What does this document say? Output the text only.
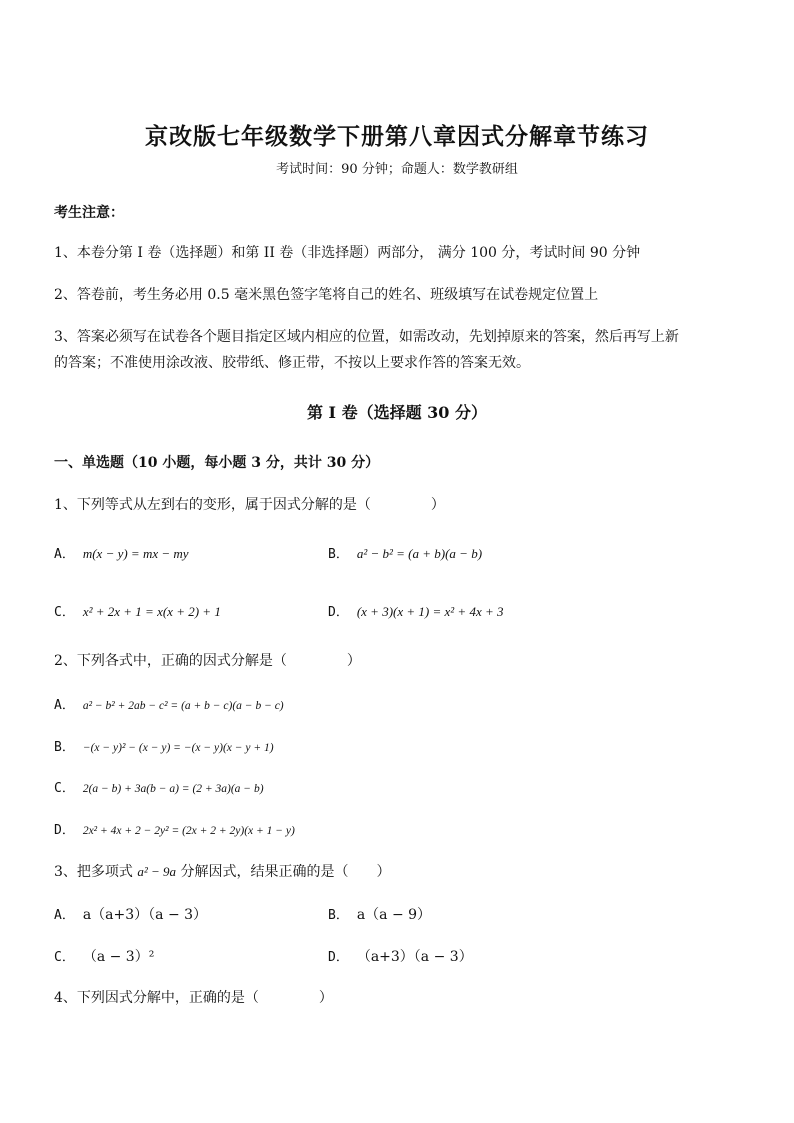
京改版七年级数学下册第八章因式分解章节练习
考试时间：90 分钟；命题人：数学教研组
考生注意：
1、本卷分第 I 卷（选择题）和第 II 卷（非选择题）两部分， 满分 100 分，考试时间 90 分钟
2、答卷前，考生务必用 0.5 毫米黑色签字笔将自己的姓名、班级填写在试卷规定位置上
3、答案必须写在试卷各个题目指定区域内相应的位置，如需改动，先划掉原来的答案，然后再写上新
的答案；不准使用涂改液、胶带纸、修正带，不按以上要求作答的答案无效。
第 I 卷（选择题 30 分）
一、单选题（10 小题，每小题 3 分，共计 30 分）
1、下列等式从左到右的变形，属于因式分解的是（	）
A． m(x − y) = mx − my	B． a² − b² = (a + b)(a − b)
C． x² + 2x + 1 = x(x + 2) + 1	D． (x + 3)(x + 1) = x² + 4x + 3
2、下列各式中，正确的因式分解是（	）
A． a² − b² + 2ab − c² = (a + b − c)(a − b − c)
B． −(x − y)² − (x − y) = −(x − y)(x − y + 1)
C． 2(a − b) + 3a(b − a) = (2 + 3a)(a − b)
D． 2x² + 4x + 2 − 2y² = (2x + 2 + 2y)(x + 1 − y)
3、把多项式 a² − 9a 分解因式，结果正确的是（ ）
A． a（a+3）（a − 3）	B． a（a − 9）
C． （a − 3）²	D． （a+3）（a − 3）
4、下列因式分解中，正确的是（	）
